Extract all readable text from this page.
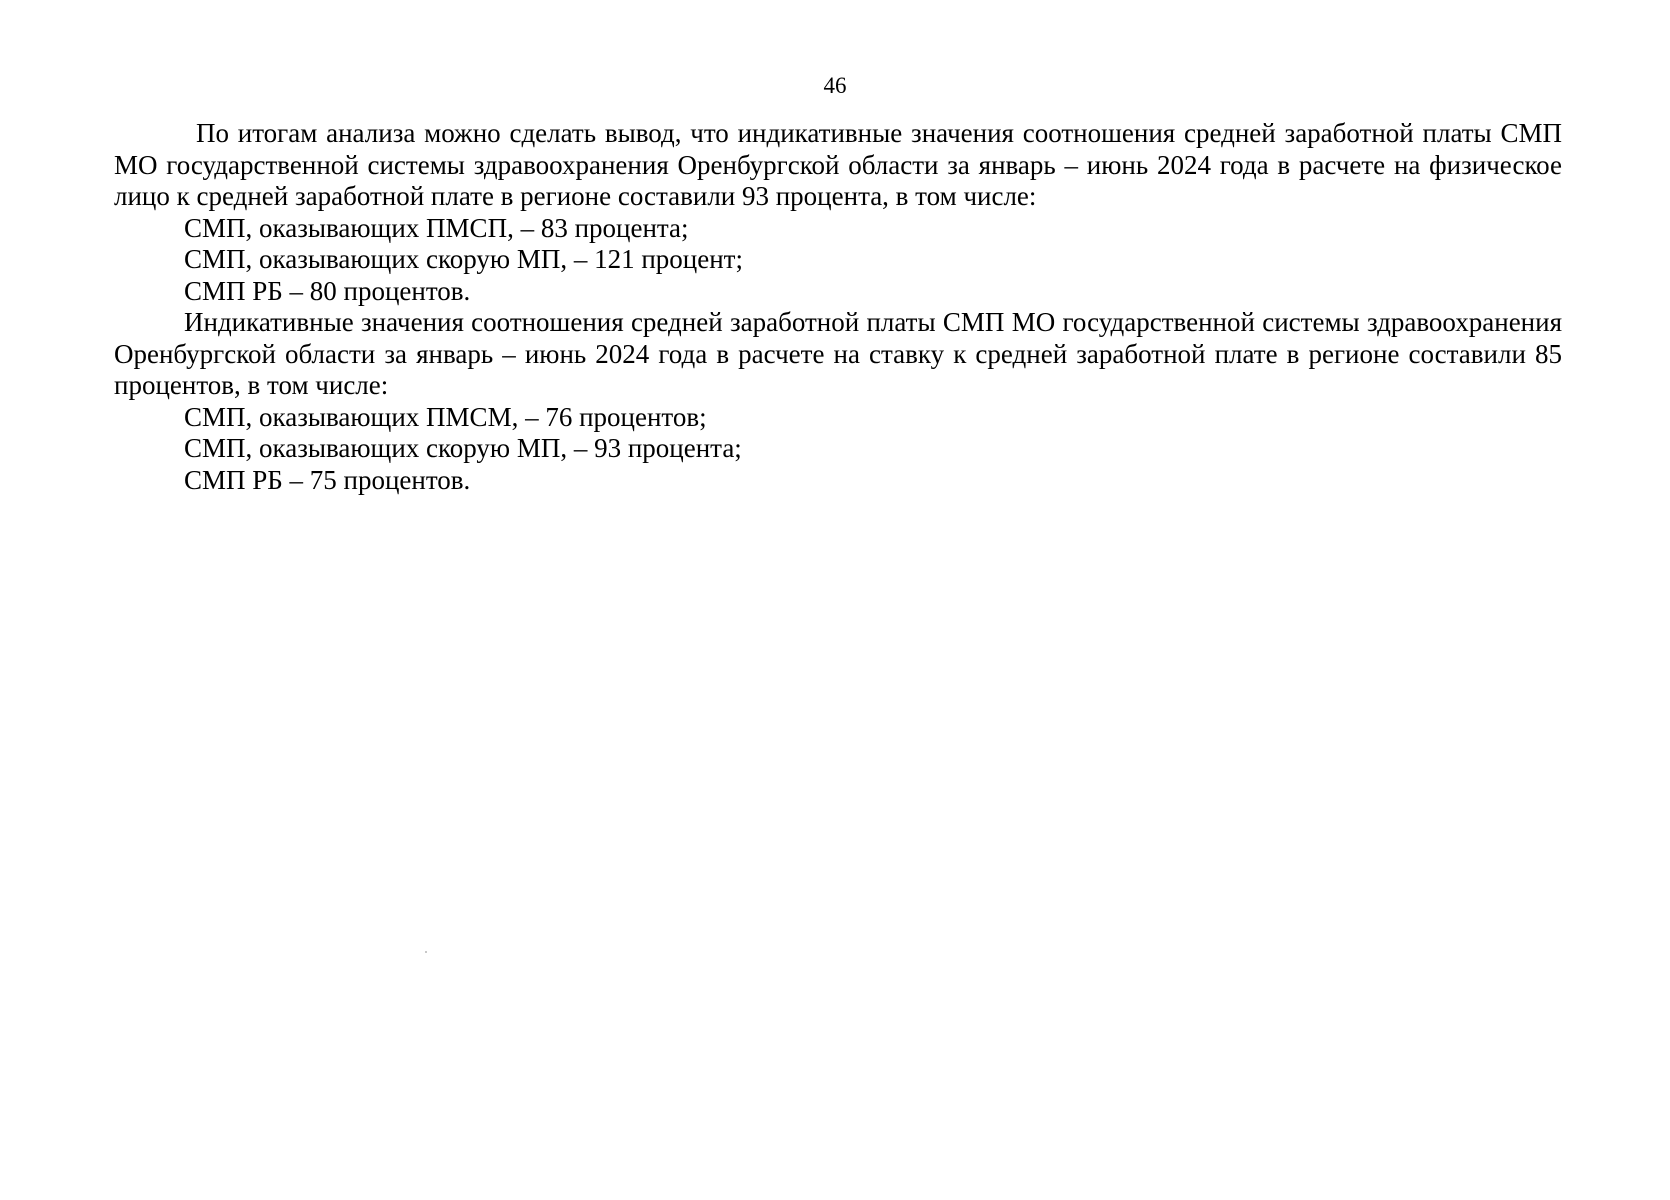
46

По итогам анализа можно сделать вывод, что индикативные значения соотношения средней заработной платы СМП МО государственной системы здравоохранения Оренбургской области за январь – июнь 2024 года в расчете на физическое лицо к средней заработной плате в регионе составили 93 процента, в том числе:

СМП, оказывающих ПМСП, – 83 процента;

СМП, оказывающих скорую МП, – 121 процент;

СМП РБ – 80 процентов.

Индикативные значения соотношения средней заработной платы СМП МО государственной системы здравоохранения Оренбургской области за январь – июнь 2024 года в расчете на ставку к средней заработной плате в регионе составили 85 процентов, в том числе:

СМП, оказывающих ПМСМ, – 76 процентов;

СМП, оказывающих скорую МП, – 93 процента;

СМП РБ – 75 процентов.
